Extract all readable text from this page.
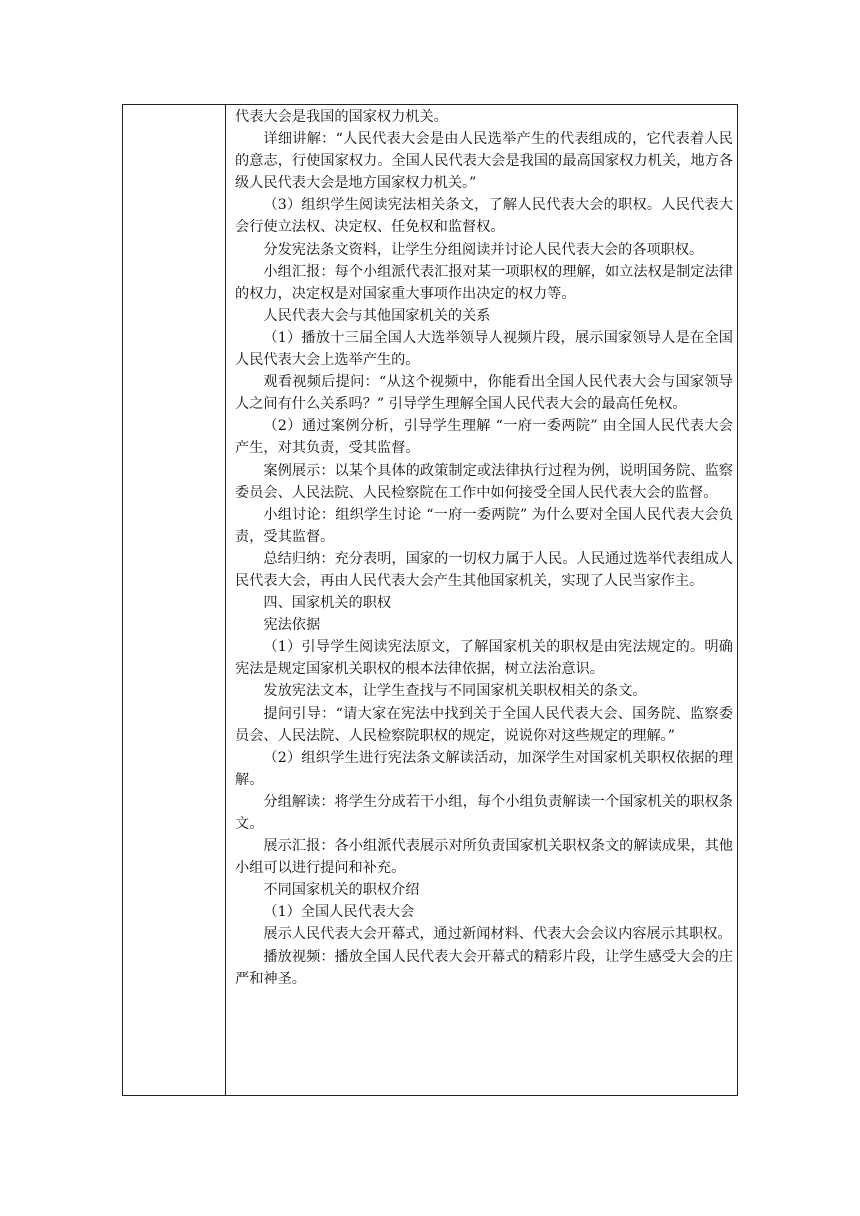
代表大会是我国的国家权力机关。

详细讲解：“人民代表大会是由人民选举产生的代表组成的，它代表着人民的意志，行使国家权力。全国人民代表大会是我国的最高国家权力机关，地方各级人民代表大会是地方国家权力机关。”

（3）组织学生阅读宪法相关条文，了解人民代表大会的职权。人民代表大会行使立法权、决定权、任免权和监督权。

分发宪法条文资料，让学生分组阅读并讨论人民代表大会的各项职权。

小组汇报：每个小组派代表汇报对某一项职权的理解，如立法权是制定法律的权力，决定权是对国家重大事项作出决定的权力等。

人民代表大会与其他国家机关的关系

（1）播放十三届全国人大选举领导人视频片段，展示国家领导人是在全国人民代表大会上选举产生的。

观看视频后提问：“从这个视频中，你能看出全国人民代表大会与国家领导人之间有什么关系吗？” 引导学生理解全国人民代表大会的最高任免权。

（2）通过案例分析，引导学生理解 “一府一委两院” 由全国人民代表大会产生，对其负责，受其监督。

案例展示：以某个具体的政策制定或法律执行过程为例，说明国务院、监察委员会、人民法院、人民检察院在工作中如何接受全国人民代表大会的监督。

小组讨论：组织学生讨论 “一府一委两院” 为什么要对全国人民代表大会负责，受其监督。

总结归纳：充分表明，国家的一切权力属于人民。人民通过选举代表组成人民代表大会，再由人民代表大会产生其他国家机关，实现了人民当家作主。

四、国家机关的职权

宪法依据

（1）引导学生阅读宪法原文，了解国家机关的职权是由宪法规定的。明确宪法是规定国家机关职权的根本法律依据，树立法治意识。

发放宪法文本，让学生查找与不同国家机关职权相关的条文。

提问引导：“请大家在宪法中找到关于全国人民代表大会、国务院、监察委员会、人民法院、人民检察院职权的规定，说说你对这些规定的理解。”

（2）组织学生进行宪法条文解读活动，加深学生对国家机关职权依据的理解。

分组解读：将学生分成若干小组，每个小组负责解读一个国家机关的职权条文。

展示汇报：各小组派代表展示对所负责国家机关职权条文的解读成果，其他小组可以进行提问和补充。

不同国家机关的职权介绍

（1）全国人民代表大会

展示人民代表大会开幕式，通过新闻材料、代表大会会议内容展示其职权。

播放视频：播放全国人民代表大会开幕式的精彩片段，让学生感受大会的庄严和神圣。
